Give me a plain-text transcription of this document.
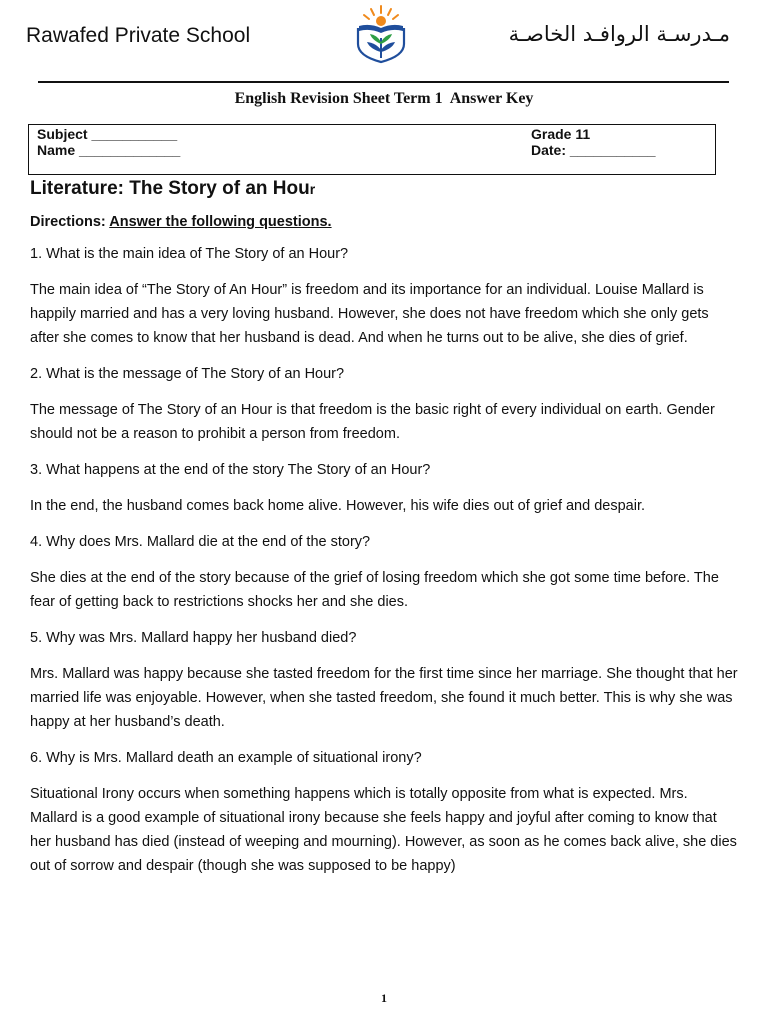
Rawafed Private School	مـدرسـة الروافـد الخاصـة
English Revision Sheet Term 1  Answer Key
Subject ___________
Name _____________
Grade 11
Date: ___________
Literature: The Story of an Hour
Directions: Answer the following questions.

1. What is the main idea of The Story of an Hour?

The main idea of “The Story of An Hour” is freedom and its importance for an individual. Louise Mallard is happily married and has a very loving husband. However, she does not have freedom which she only gets after she comes to know that her husband is dead. And when he turns out to be alive, she dies of grief.

2. What is the message of The Story of an Hour?

The message of The Story of an Hour is that freedom is the basic right of every individual on earth. Gender should not be a reason to prohibit a person from freedom.

3. What happens at the end of the story The Story of an Hour?

In the end, the husband comes back home alive. However, his wife dies out of grief and despair.

4. Why does Mrs. Mallard die at the end of the story?

She dies at the end of the story because of the grief of losing freedom which she got some time before. The fear of getting back to restrictions shocks her and she dies.

5. Why was Mrs. Mallard happy her husband died?

Mrs. Mallard was happy because she tasted freedom for the first time since her marriage. She thought that her married life was enjoyable. However, when she tasted freedom, she found it much better. This is why she was happy at her husband’s death.

6. Why is Mrs. Mallard death an example of situational irony?

Situational Irony occurs when something happens which is totally opposite from what is expected. Mrs. Mallard is a good example of situational irony because she feels happy and joyful after coming to know that her husband has died (instead of weeping and mourning). However, as soon as he comes back alive, she dies out of sorrow and despair (though she was supposed to be happy)

1
